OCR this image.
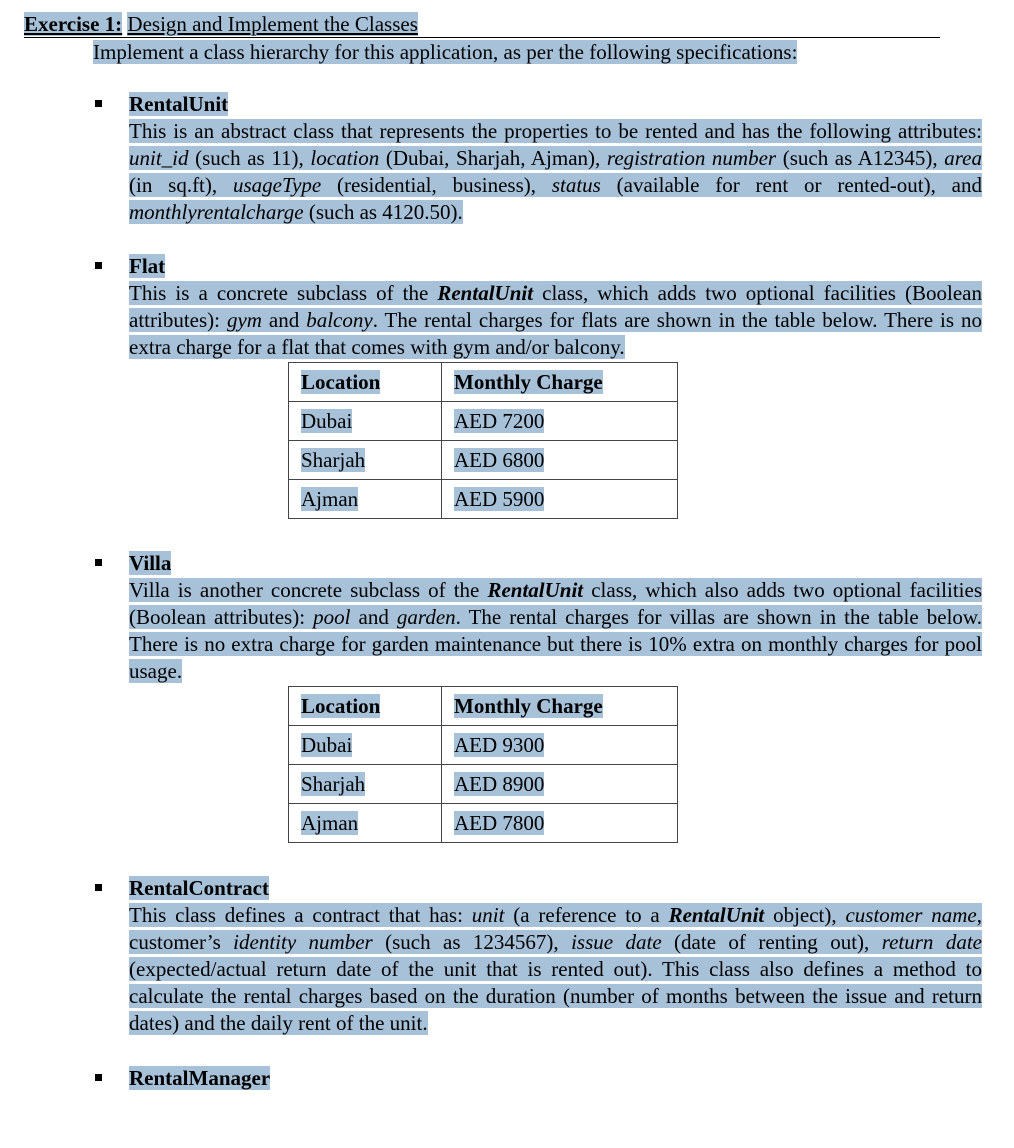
Exercise 1: Design and Implement the Classes
Implement a class hierarchy for this application, as per the following specifications:
RentalUnit

This is an abstract class that represents the properties to be rented and has the following attributes: unit_id (such as 11), location (Dubai, Sharjah, Ajman), registration number (such as A12345), area (in sq.ft), usageType (residential, business), status (available for rent or rented-out), and monthlyrentalcharge (such as 4120.50).

Flat

This is a concrete subclass of the RentalUnit class, which adds two optional facilities (Boolean attributes): gym and balcony. The rental charges for flats are shown in the table below. There is no extra charge for a flat that comes with gym and/or balcony.

Location	Monthly Charge
Dubai	AED 7200
Sharjah	AED 6800
Ajman	AED 5900
Villa

Villa is another concrete subclass of the RentalUnit class, which also adds two optional facilities (Boolean attributes): pool and garden. The rental charges for villas are shown in the table below. There is no extra charge for garden maintenance but there is 10% extra on monthly charges for pool usage.

Location	Monthly Charge
Dubai	AED 9300
Sharjah	AED 8900
Ajman	AED 7800
RentalContract

This class defines a contract that has: unit (a reference to a RentalUnit object), customer name, customer’s identity number (such as 1234567), issue date (date of renting out), return date (expected/actual return date of the unit that is rented out). This class also defines a method to calculate the rental charges based on the duration (number of months between the issue and return dates) and the daily rent of the unit.

RentalManager
